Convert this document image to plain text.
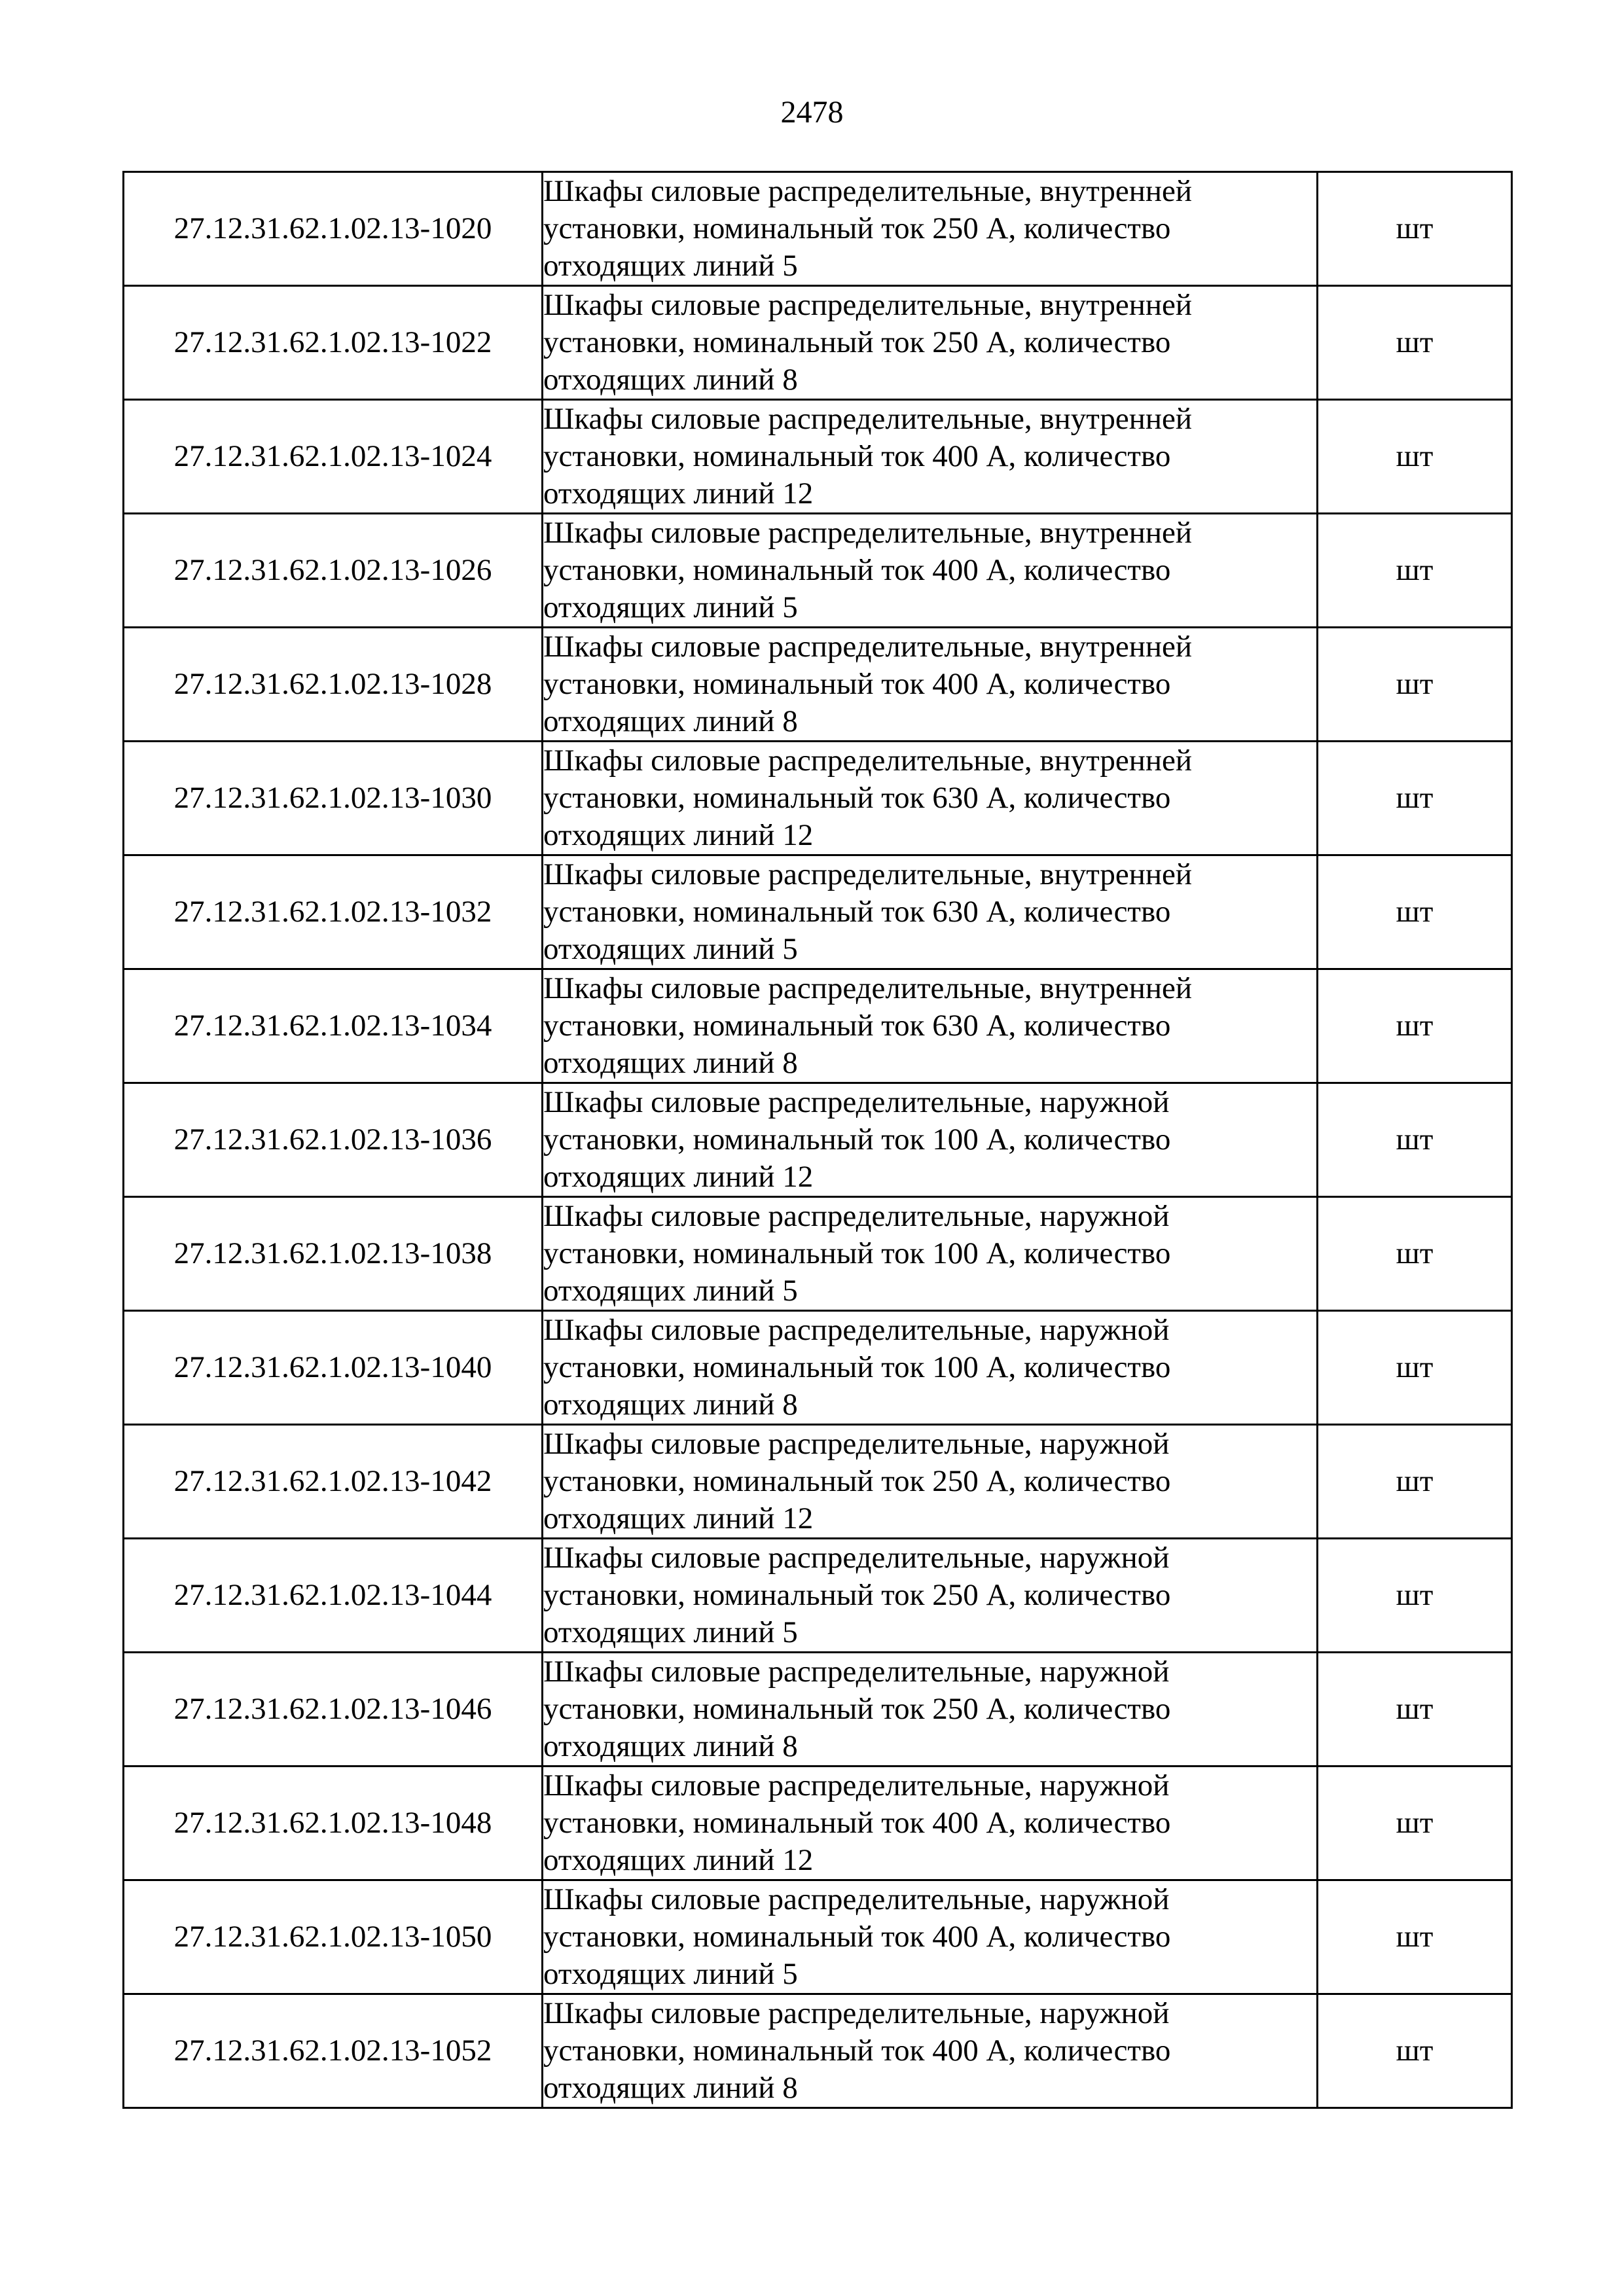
2478
27.12.31.62.1.02.13-1020	Шкафы силовые распределительные, внутренней
установки, номинальный ток 250 А, количество
отходящих линий 5	шт
27.12.31.62.1.02.13-1022	Шкафы силовые распределительные, внутренней
установки, номинальный ток 250 А, количество
отходящих линий 8	шт
27.12.31.62.1.02.13-1024	Шкафы силовые распределительные, внутренней
установки, номинальный ток 400 А, количество
отходящих линий 12	шт
27.12.31.62.1.02.13-1026	Шкафы силовые распределительные, внутренней
установки, номинальный ток 400 А, количество
отходящих линий 5	шт
27.12.31.62.1.02.13-1028	Шкафы силовые распределительные, внутренней
установки, номинальный ток 400 А, количество
отходящих линий 8	шт
27.12.31.62.1.02.13-1030	Шкафы силовые распределительные, внутренней
установки, номинальный ток 630 А, количество
отходящих линий 12	шт
27.12.31.62.1.02.13-1032	Шкафы силовые распределительные, внутренней
установки, номинальный ток 630 А, количество
отходящих линий 5	шт
27.12.31.62.1.02.13-1034	Шкафы силовые распределительные, внутренней
установки, номинальный ток 630 А, количество
отходящих линий 8	шт
27.12.31.62.1.02.13-1036	Шкафы силовые распределительные, наружной
установки, номинальный ток 100 А, количество
отходящих линий 12	шт
27.12.31.62.1.02.13-1038	Шкафы силовые распределительные, наружной
установки, номинальный ток 100 А, количество
отходящих линий 5	шт
27.12.31.62.1.02.13-1040	Шкафы силовые распределительные, наружной
установки, номинальный ток 100 А, количество
отходящих линий 8	шт
27.12.31.62.1.02.13-1042	Шкафы силовые распределительные, наружной
установки, номинальный ток 250 А, количество
отходящих линий 12	шт
27.12.31.62.1.02.13-1044	Шкафы силовые распределительные, наружной
установки, номинальный ток 250 А, количество
отходящих линий 5	шт
27.12.31.62.1.02.13-1046	Шкафы силовые распределительные, наружной
установки, номинальный ток 250 А, количество
отходящих линий 8	шт
27.12.31.62.1.02.13-1048	Шкафы силовые распределительные, наружной
установки, номинальный ток 400 А, количество
отходящих линий 12	шт
27.12.31.62.1.02.13-1050	Шкафы силовые распределительные, наружной
установки, номинальный ток 400 А, количество
отходящих линий 5	шт
27.12.31.62.1.02.13-1052	Шкафы силовые распределительные, наружной
установки, номинальный ток 400 А, количество
отходящих линий 8	шт
